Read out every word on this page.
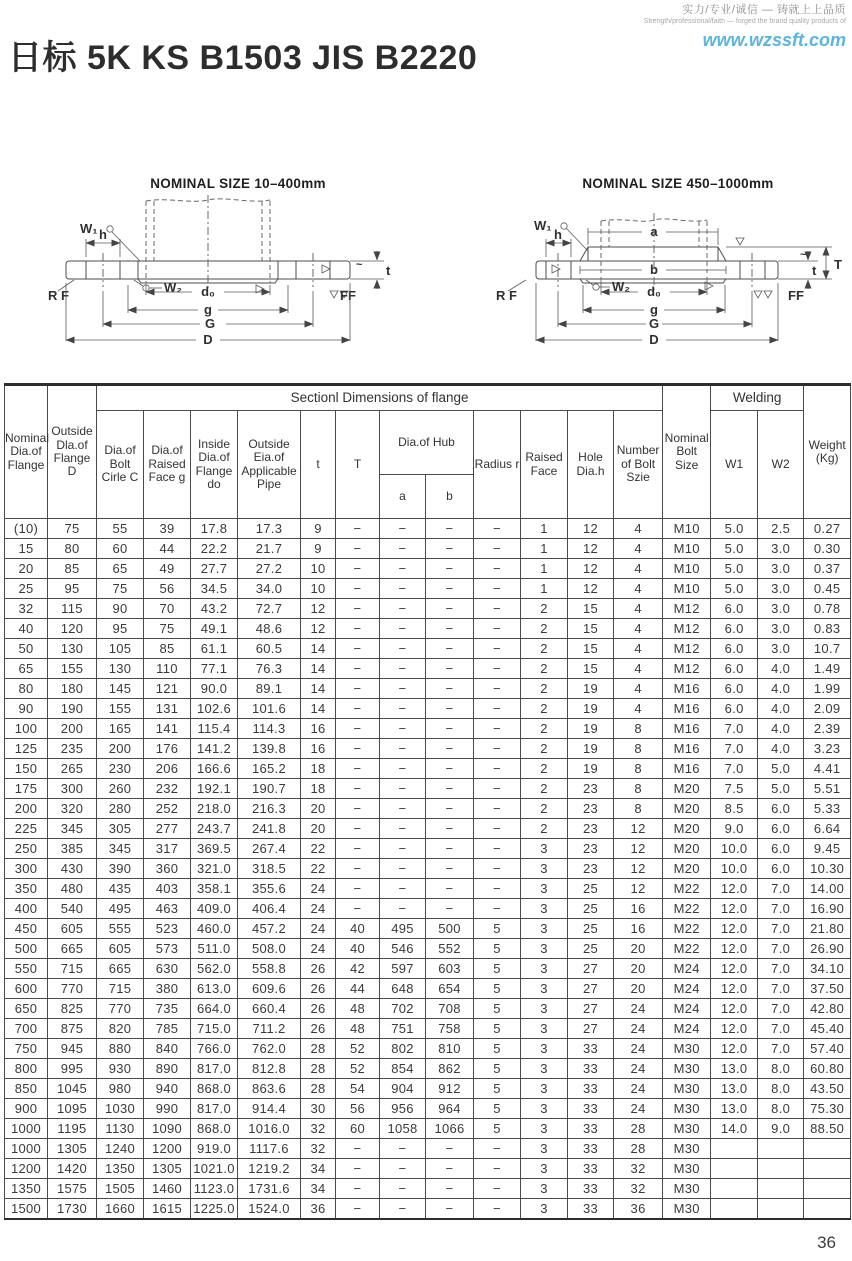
实力/专业/诚信 — 铸就上上品质
Strength/professional/faith — forged the brand quality products of
www.wzssft.com
日标 5K KS B1503 JIS B2220
NOMINAL SIZE 10–400mm
W₁ h
W₂
t
~
FF
R F	d₀
g
G
D
NOMINAL SIZE 450–1000mm
a
b
W₁
h
W₂
t
~
T
FF
R F	d₀
g
G
D
Nominal Dia.of Flange	Outside Dla.of Flange D	Sectionl Dimensions of flange												Nominal Bolt Size	Welding		Weight (Kg)
		Dia.of Bolt Cirle C	Dia.of Raised Face g	Inside Dia.of Flange do	Outside Eia.of Applicable Pipe	t	T	Dia.of Hub		Radius r	Raised Face	Hole Dia.h	Number of Bolt Szie		W1	W2	
								a	b								
(10)	75	55	39	17.8	17.3	9	−	−	−	−	1	12	4	M10	5.0	2.5	0.27
15	80	60	44	22.2	21.7	9	−	−	−	−	1	12	4	M10	5.0	3.0	0.30
20	85	65	49	27.7	27.2	10	−	−	−	−	1	12	4	M10	5.0	3.0	0.37
25	95	75	56	34.5	34.0	10	−	−	−	−	1	12	4	M10	5.0	3.0	0.45
32	115	90	70	43.2	72.7	12	−	−	−	−	2	15	4	M12	6.0	3.0	0.78
40	120	95	75	49.1	48.6	12	−	−	−	−	2	15	4	M12	6.0	3.0	0.83
50	130	105	85	61.1	60.5	14	−	−	−	−	2	15	4	M12	6.0	3.0	10.7
65	155	130	110	77.1	76.3	14	−	−	−	−	2	15	4	M12	6.0	4.0	1.49
80	180	145	121	90.0	89.1	14	−	−	−	−	2	19	4	M16	6.0	4.0	1.99
90	190	155	131	102.6	101.6	14	−	−	−	−	2	19	4	M16	6.0	4.0	2.09
100	200	165	141	115.4	114.3	16	−	−	−	−	2	19	8	M16	7.0	4.0	2.39
125	235	200	176	141.2	139.8	16	−	−	−	−	2	19	8	M16	7.0	4.0	3.23
150	265	230	206	166.6	165.2	18	−	−	−	−	2	19	8	M16	7.0	5.0	4.41
175	300	260	232	192.1	190.7	18	−	−	−	−	2	23	8	M20	7.5	5.0	5.51
200	320	280	252	218.0	216.3	20	−	−	−	−	2	23	8	M20	8.5	6.0	5.33
225	345	305	277	243.7	241.8	20	−	−	−	−	2	23	12	M20	9.0	6.0	6.64
250	385	345	317	369.5	267.4	22	−	−	−	−	3	23	12	M20	10.0	6.0	9.45
300	430	390	360	321.0	318.5	22	−	−	−	−	3	23	12	M20	10.0	6.0	10.30
350	480	435	403	358.1	355.6	24	−	−	−	−	3	25	12	M22	12.0	7.0	14.00
400	540	495	463	409.0	406.4	24	−	−	−	−	3	25	16	M22	12.0	7.0	16.90
450	605	555	523	460.0	457.2	24	40	495	500	5	3	25	16	M22	12.0	7.0	21.80
500	665	605	573	511.0	508.0	24	40	546	552	5	3	25	20	M22	12.0	7.0	26.90
550	715	665	630	562.0	558.8	26	42	597	603	5	3	27	20	M24	12.0	7.0	34.10
600	770	715	380	613.0	609.6	26	44	648	654	5	3	27	20	M24	12.0	7.0	37.50
650	825	770	735	664.0	660.4	26	48	702	708	5	3	27	24	M24	12.0	7.0	42.80
700	875	820	785	715.0	711.2	26	48	751	758	5	3	27	24	M24	12.0	7.0	45.40
750	945	880	840	766.0	762.0	28	52	802	810	5	3	33	24	M30	12.0	7.0	57.40
800	995	930	890	817.0	812.8	28	52	854	862	5	3	33	24	M30	13.0	8.0	60.80
850	1045	980	940	868.0	863.6	28	54	904	912	5	3	33	24	M30	13.0	8.0	43.50
900	1095	1030	990	817.0	914.4	30	56	956	964	5	3	33	24	M30	13.0	8.0	75.30
1000	1195	1130	1090	868.0	1016.0	32	60	1058	1066	5	3	33	28	M30	14.0	9.0	88.50
1000	1305	1240	1200	919.0	1117.6	32	−	−	−	−	3	33	28	M30			
1200	1420	1350	1305	1021.0	1219.2	34	−	−	−	−	3	33	32	M30			
1350	1575	1505	1460	1123.0	1731.6	34	−	−	−	−	3	33	32	M30			
1500	1730	1660	1615	1225.0	1524.0	36	−	−	−	−	3	33	36	M30			
36
